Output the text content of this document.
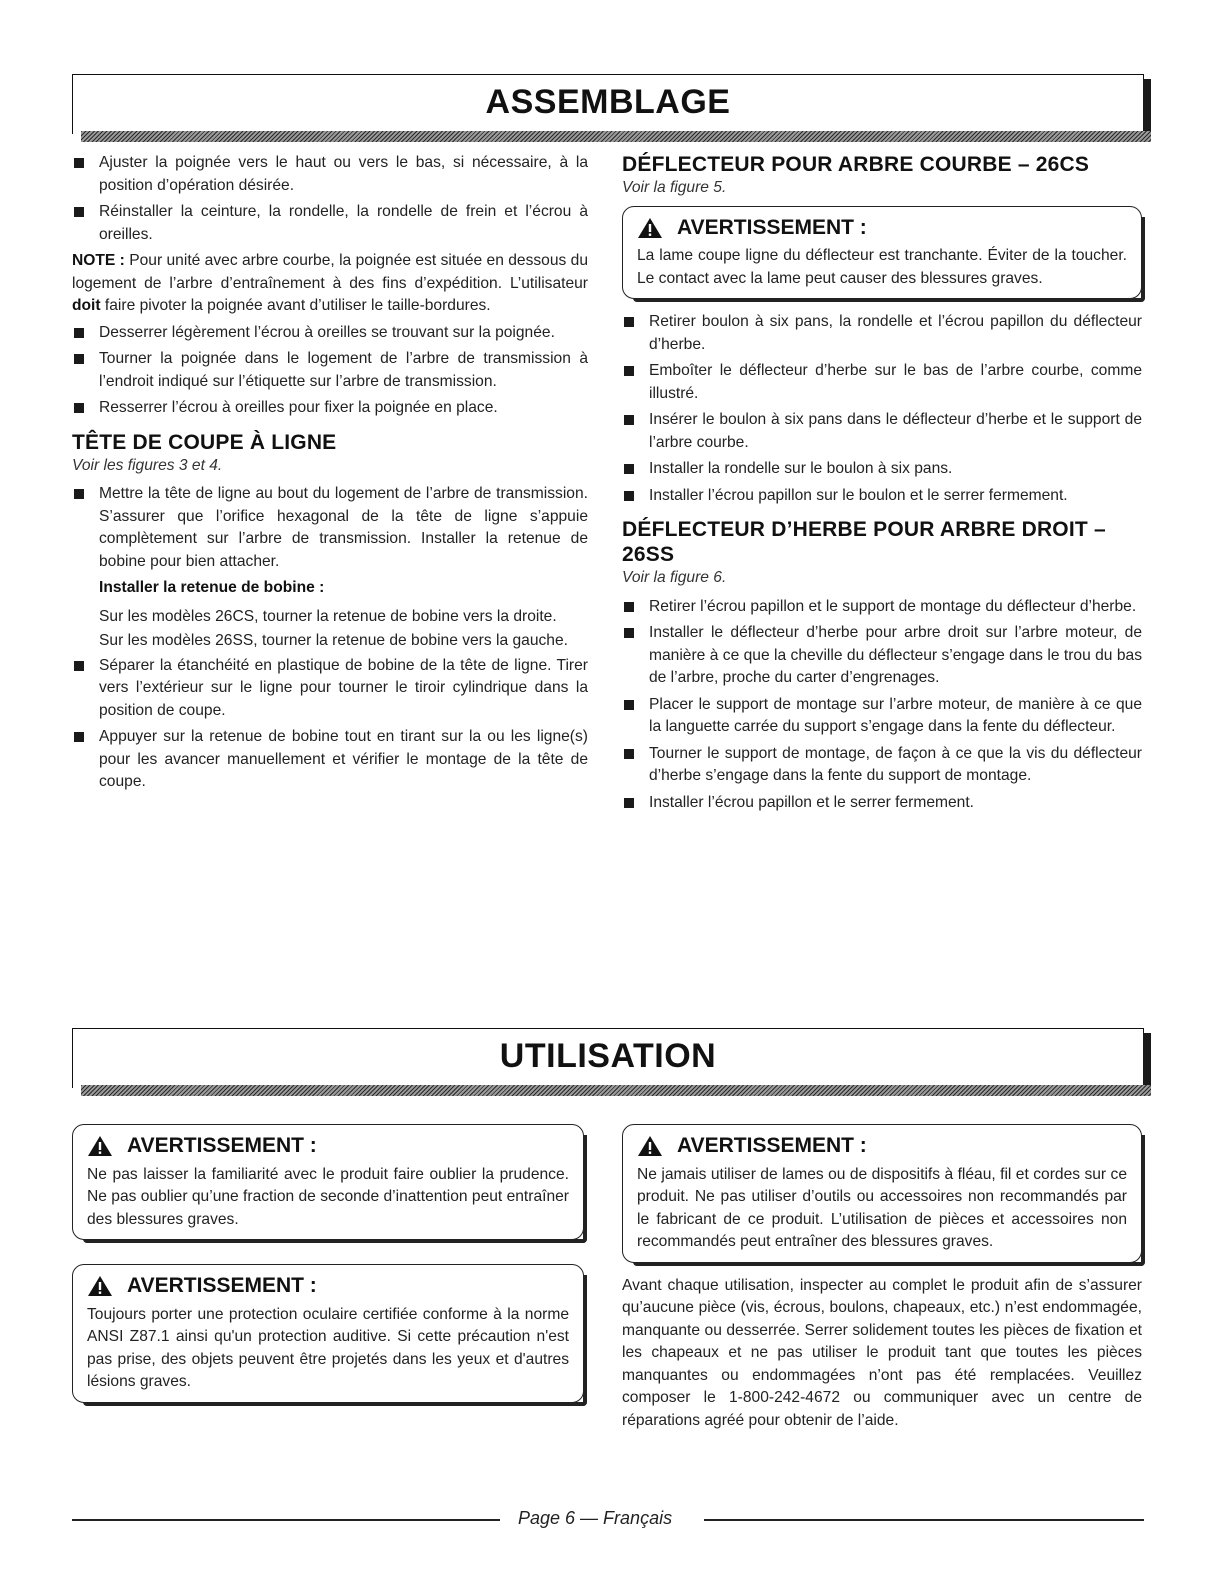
ASSEMBLAGE
Ajuster la poignée vers le haut ou vers le bas, si nécessaire, à la position d’opération désirée.
Réinstaller la ceinture, la rondelle, la rondelle de frein et l’écrou à oreilles.
NOTE : Pour unité avec arbre courbe, la poignée est située en dessous du logement de l’arbre d’entraînement à des fins d’expédition. L’utilisateur doit faire pivoter la poignée avant d’utiliser le taille-bordures.
Desserrer légèrement l’écrou à oreilles se trouvant sur la poignée.
Tourner la poignée dans le logement de l’arbre de transmission à l’endroit indiqué sur l’étiquette sur l’arbre de transmission.
Resserrer l’écrou à oreilles pour fixer la poignée en place.
TÊTE DE COUPE À LIGNE
Voir les figures 3 et 4.
Mettre la tête de ligne au bout du logement de l’arbre de transmission. S’assurer que l’orifice hexagonal de la tête de ligne s’appuie complètement sur l’arbre de transmission. Installer la retenue de bobine pour bien attacher.
Installer la retenue de bobine :
Sur les modèles 26CS, tourner la retenue de bobine vers la droite.
Sur les modèles 26SS, tourner la retenue de bobine vers la gauche.
Séparer la étanchéité en plastique de bobine de la tête de ligne. Tirer vers l’extérieur sur le ligne pour tourner le tiroir cylindrique dans la position de coupe.
Appuyer sur la retenue de bobine tout en tirant sur la ou les ligne(s) pour les avancer manuellement et vérifier le montage de la tête de coupe.
DÉFLECTEUR POUR ARBRE COURBE – 26CS
Voir la figure 5.
AVERTISSEMENT :
La lame coupe ligne du déflecteur est tranchante. Éviter de la toucher. Le contact avec la lame peut causer des blessures graves.
Retirer boulon à six pans, la rondelle et l’écrou papillon du déflecteur d’herbe.
Emboîter le déflecteur d’herbe sur le bas de l’arbre courbe, comme illustré.
Insérer le boulon à six pans dans le déflecteur d’herbe et le support de l’arbre courbe.
Installer la rondelle sur le boulon à six pans.
Installer l’écrou papillon sur le boulon et le serrer fermement.
DÉFLECTEUR D’HERBE POUR ARBRE DROIT – 26SS
Voir la figure 6.
Retirer l’écrou papillon et le support de montage du déflecteur d’herbe.
Installer le déflecteur d’herbe pour arbre droit sur l’arbre moteur, de manière à ce que la cheville du déflecteur s’engage dans le trou du bas de l’arbre, proche du carter d’engrenages.
Placer le support de montage sur l’arbre moteur, de manière à ce que la languette carrée du support s’engage dans la fente du déflecteur.
Tourner le support de montage, de façon à ce que la vis du déflecteur d’herbe s’engage dans la fente du support de montage.
Installer l’écrou papillon et le serrer fermement.
UTILISATION
AVERTISSEMENT :
Ne pas laisser la familiarité avec le produit faire oublier la prudence. Ne pas oublier qu’une fraction de seconde d’inattention peut entraîner des blessures graves.
AVERTISSEMENT :
Toujours porter une protection oculaire certifiée conforme à la norme ANSI Z87.1 ainsi qu'un protection auditive. Si cette précaution n'est pas prise, des objets peuvent être projetés dans les yeux et d'autres lésions graves.
AVERTISSEMENT :
Ne jamais utiliser de lames ou de dispositifs à fléau, fil et cordes sur ce produit. Ne pas utiliser d’outils ou accessoires non recommandés par le fabricant de ce produit. L’utilisation de pièces et accessoires non recommandés peut entraîner des blessures graves.
Avant chaque utilisation, inspecter au complet le produit afin de s’assurer qu’aucune pièce (vis, écrous, boulons, chapeaux, etc.) n’est endommagée, manquante ou desserrée. Serrer solidement toutes les pièces de fixation et les chapeaux et ne pas utiliser le produit tant que toutes les pièces manquantes ou endommagées n’ont pas été remplacées. Veuillez composer le 1-800-242-4672 ou communiquer avec un centre de réparations agréé pour obtenir de l’aide.
Page 6 — Français
